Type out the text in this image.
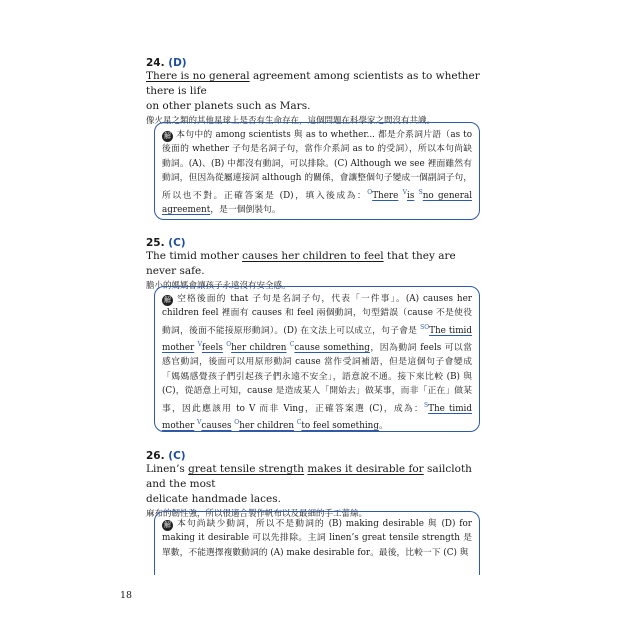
24. (D)
There is no general agreement among scientists as to whether there is life
on other planets such as Mars.
像火星之類的其他星球上是否有生命存在，這個問題在科學家之間沒有共識。
解 本句中的 among scientists 與 as to whether... 都是介系詞片語（as to 後面的 whether 子句是名詞子句，當作介系詞 as to 的受詞），所以本句尚缺動詞。(A)、(B) 中都沒有動詞，可以排除。(C) Although we see 裡面雖然有動詞，但因為從屬連接詞 although 的關係，會讓整個句子變成一個副詞子句，所以也不對。正確答案是 (D)，填入後成為：$^O$There $^V$is $^S$no general agreement，是一個倒裝句。
25. (C)
The timid mother causes her children to feel that they are never safe.
膽小的媽媽會讓孩子永遠沒有安全感。
解 空格後面的 that 子句是名詞子句，代表「一件事」。(A) causes her children feel 裡面有 causes 和 feel 兩個動詞，句型錯誤（cause 不是使役動詞，後面不能接原形動詞）。(D) 在文法上可以成立，句子會是 $^{SO}$The timid mother $^V$feels $^O$her children $^C$cause something，因為動詞 feels 可以當感官動詞，後面可以用原形動詞 cause 當作受詞補語，但是這個句子會變成「媽媽感覺孩子們引起孩子們永遠不安全」，語意說不通。接下來比較 (B) 與 (C)，從語意上可知，cause 是造成某人「開始去」做某事，而非「正在」做某事，因此應該用 to V 而非 Ving，正確答案選 (C)，成為：$^S$The timid mother $^V$causes $^O$her children $^C$to feel something。
26. (C)
Linen’s great tensile strength makes it desirable for sailcloth and the most
delicate handmade laces.
麻布的韌性強，所以很適合製作帆布以及最細的手工蕾絲。
解 本句尚缺少動詞，所以不是動詞的 (B) making desirable 與 (D) for making it desirable 可以先排除。主詞 linen’s great tensile strength 是單數，不能選擇複數動詞的 (A) make desirable for。最後，比較一下 (C) 與
18
